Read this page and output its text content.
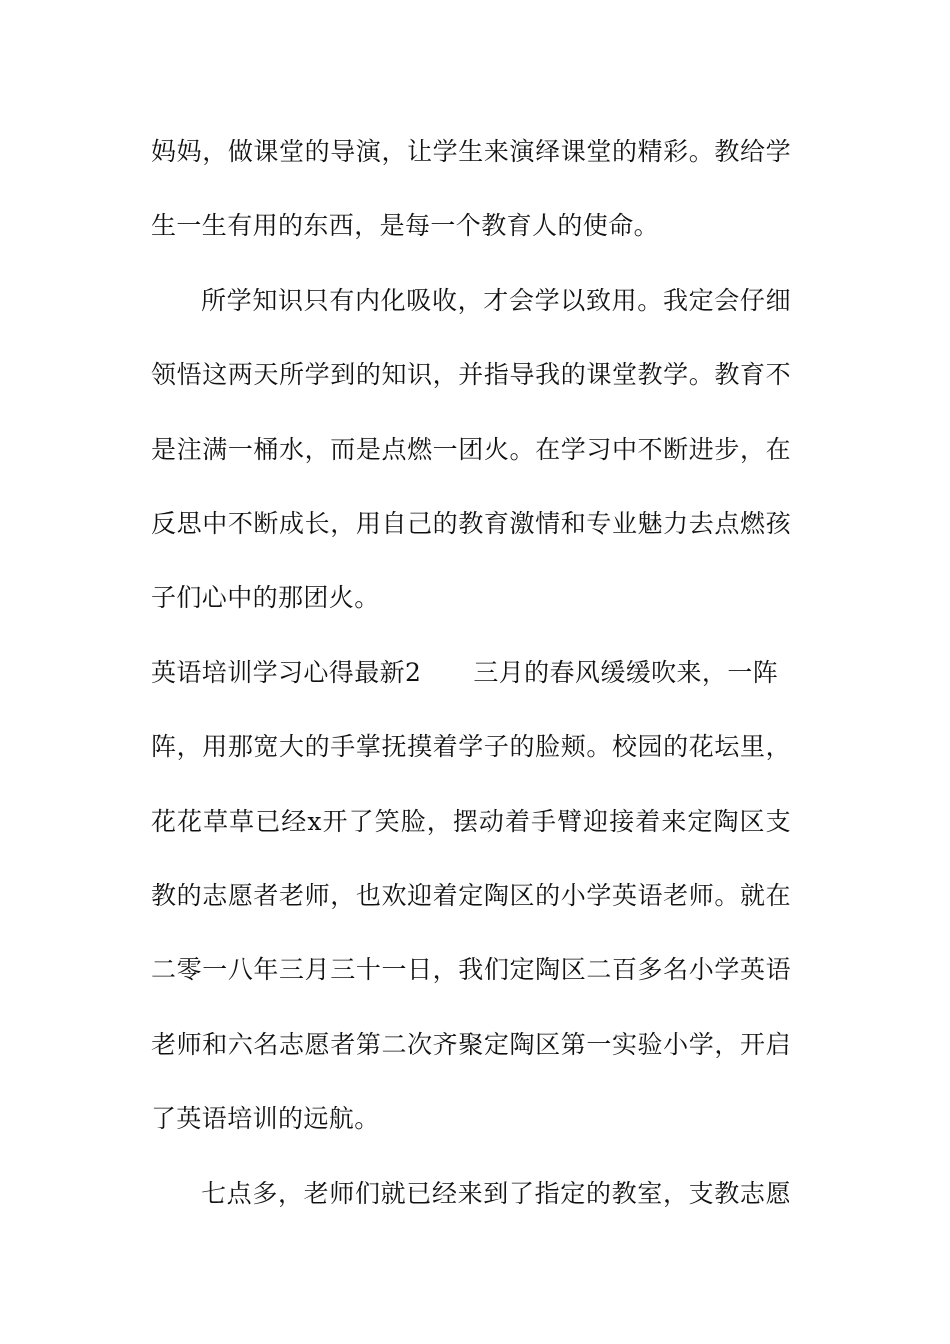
妈妈，做课堂的导演，让学生来演绎课堂的精彩。教给学
生一生有用的东西，是每一个教育人的使命。
所学知识只有内化吸收，才会学以致用。我定会仔细
领悟这两天所学到的知识，并指导我的课堂教学。教育不
是注满一桶水，而是点燃一团火。在学习中不断进步，在
反思中不断成长，用自己的教育激情和专业魅力去点燃孩
子们心中的那团火。
英语培训学习心得最新2 三月的春风缓缓吹来，一阵
阵，用那宽大的手掌抚摸着学子的脸颊。校园的花坛里，
花花草草已经x开了笑脸，摆动着手臂迎接着来定陶区支
教的志愿者老师，也欢迎着定陶区的小学英语老师。就在
二零一八年三月三十一日，我们定陶区二百多名小学英语
老师和六名志愿者第二次齐聚定陶区第一实验小学，开启
了英语培训的远航。
七点多，老师们就已经来到了指定的教室，支教志愿
